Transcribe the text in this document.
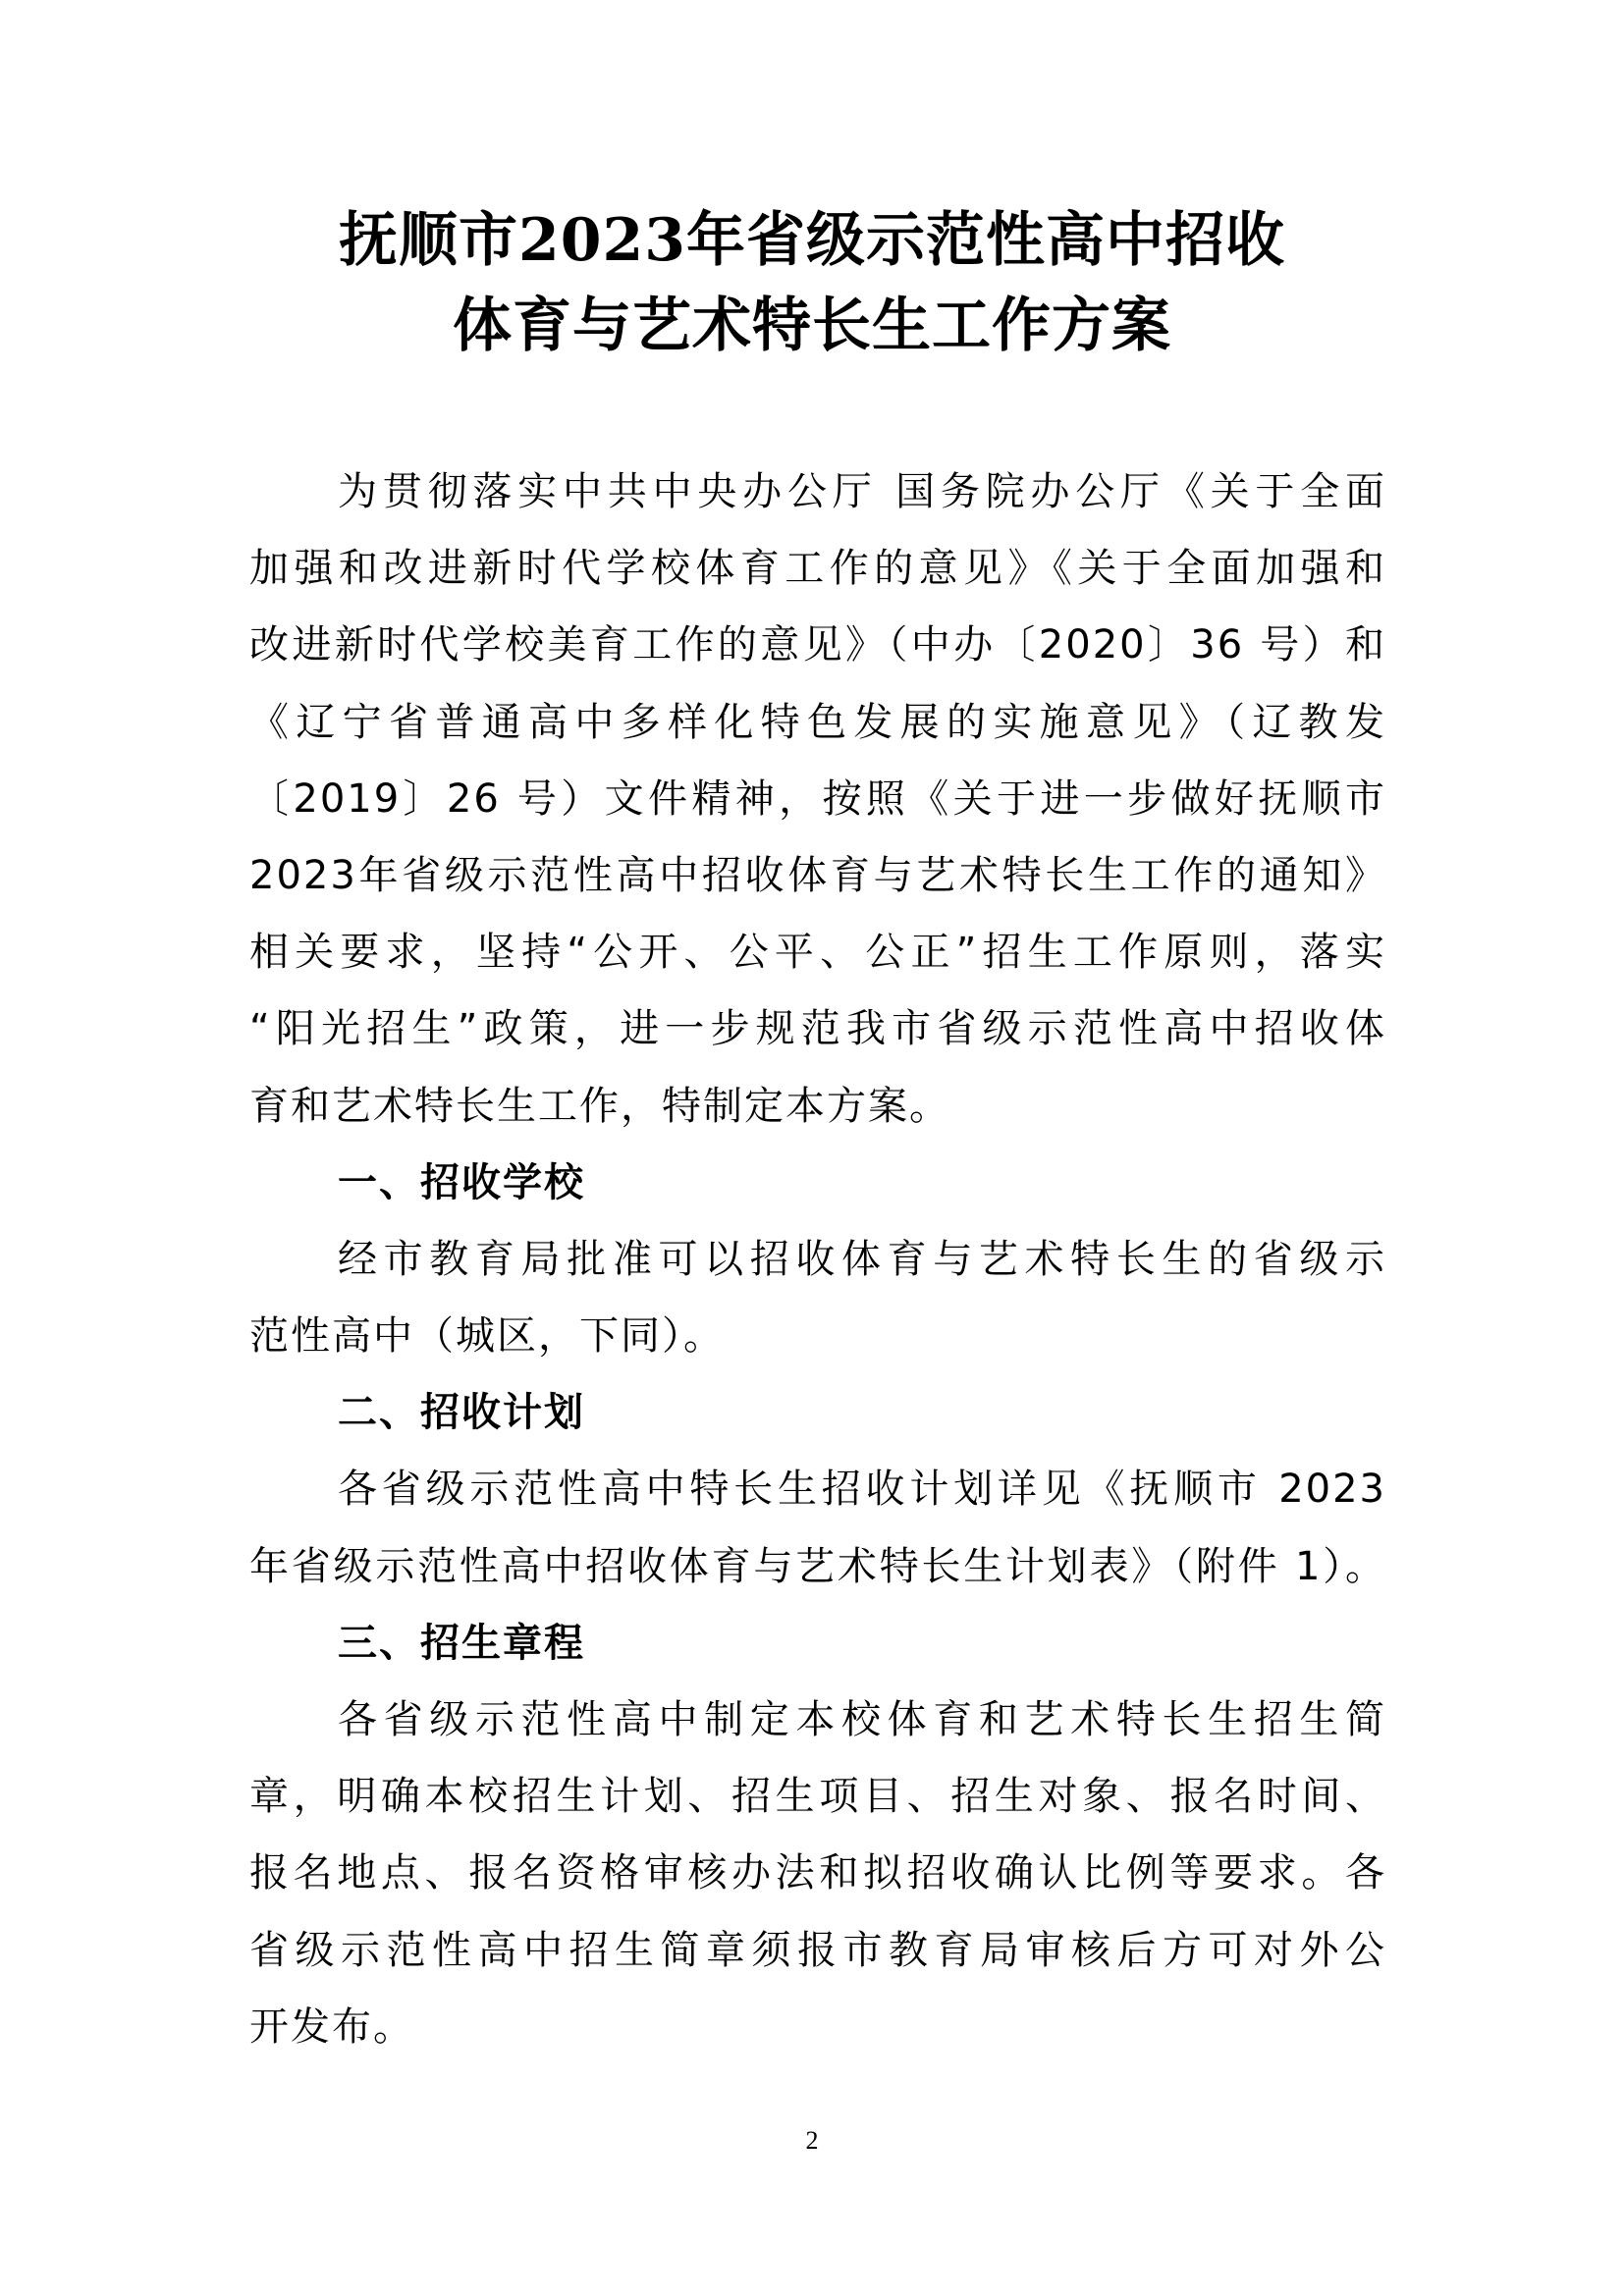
抚顺市2023年省级示范性高中招收
体育与艺术特长生工作方案
为贯彻落实中共中央办公厅 国务院办公厅《关于全面
加强和改进新时代学校体育工作的意见》《关于全面加强和
改进新时代学校美育工作的意见》（中办〔2020〕36 号）和
《辽宁省普通高中多样化特色发展的实施意见》（辽教发
〔2019〕26 号）文件精神，按照《关于进一步做好抚顺市
2023年省级示范性高中招收体育与艺术特长生工作的通知》
相关要求，坚持“公开、公平、公正”招生工作原则，落实
“阳光招生”政策，进一步规范我市省级示范性高中招收体
育和艺术特长生工作，特制定本方案。
一、招收学校
经市教育局批准可以招收体育与艺术特长生的省级示
范性高中（城区，下同）。
二、招收计划
各省级示范性高中特长生招收计划详见《抚顺市 2023
年省级示范性高中招收体育与艺术特长生计划表》（附件 1）。
三、招生章程
各省级示范性高中制定本校体育和艺术特长生招生简
章，明确本校招生计划、招生项目、招生对象、报名时间、
报名地点、报名资格审核办法和拟招收确认比例等要求。各
省级示范性高中招生简章须报市教育局审核后方可对外公
开发布。
2
